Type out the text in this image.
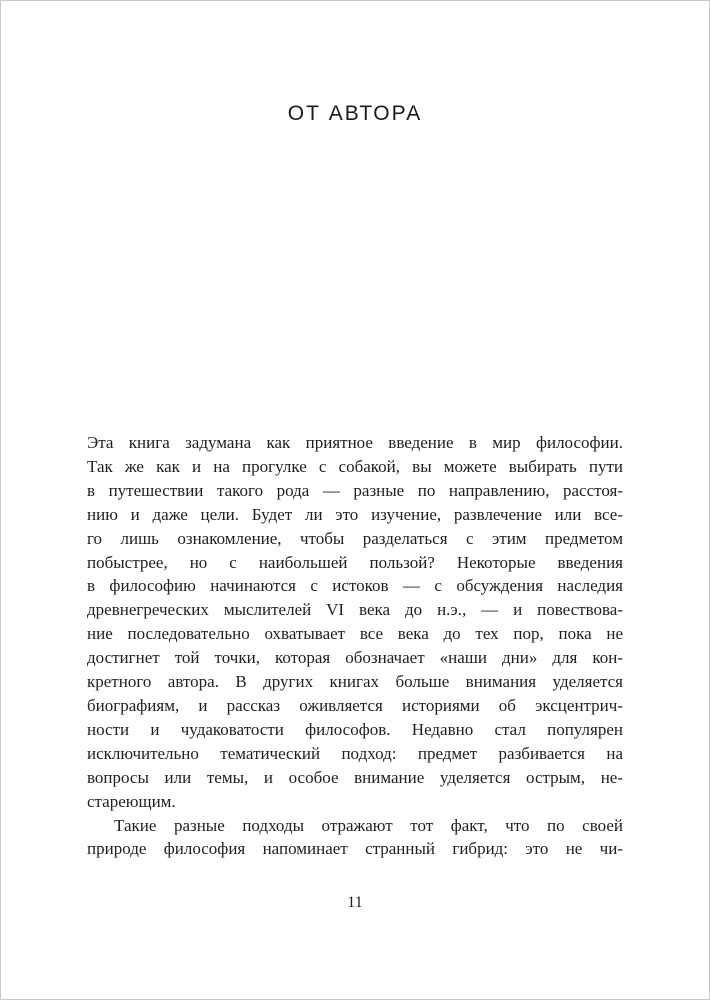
ОТ АВТОРА
Эта книга задумана как приятное введение в мир философии.
Так же как и на прогулке с собакой, вы можете выбирать пути
в путешествии такого рода — разные по направлению, расстоя-
нию и даже цели. Будет ли это изучение, развлечение или все-
го лишь ознакомление, чтобы разделаться с этим предметом
побыстрее, но с наибольшей пользой? Некоторые введения
в философию начинаются с истоков — с обсуждения наследия
древнегреческих мыслителей VI века до н.э., — и повествова-
ние последовательно охватывает все века до тех пор, пока не
достигнет той точки, которая обозначает «наши дни» для кон-
кретного автора. В других книгах больше внимания уделяется
биографиям, и рассказ оживляется историями об эксцентрич-
ности и чудаковатости философов. Недавно стал популярен
исключительно тематический подход: предмет разбивается на
вопросы или темы, и особое внимание уделяется острым, не-
стареющим.
Такие разные подходы отражают тот факт, что по своей
природе философия напоминает странный гибрид: это не чи-
11
